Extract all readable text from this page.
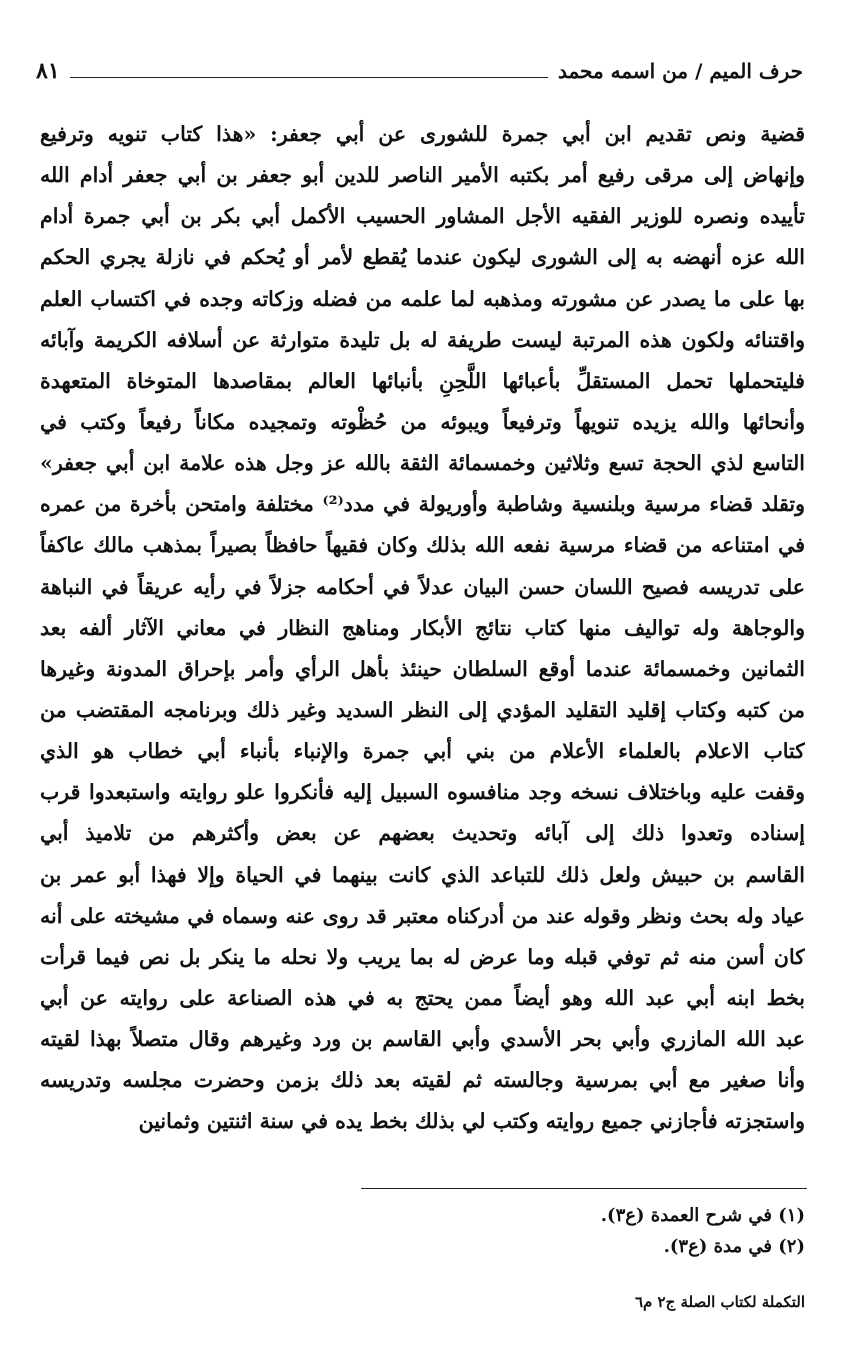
حرف الميم / من اسمه محمد
٨١
قضية ونص تقديم ابن أبي جمرة للشورى عن أبي جعفر: «هذا كتاب تنويه وترفيع
وإنهاض إلى مرقى رفيع أمر بكتبه الأمير الناصر للدين أبو جعفر بن أبي جعفر أدام الله
تأييده ونصره للوزير الفقيه الأجل المشاور الحسيب الأكمل أبي بكر بن أبي جمرة أدام
الله عزه أنهضه به إلى الشورى ليكون عندما يُقطع لأمر أو يُحكم في نازلة يجري الحكم
بها على ما يصدر عن مشورته ومذهبه لما علمه من فضله وزكاته وجده في اكتساب العلم
واقتنائه ولكون هذه المرتبة ليست طريفة له بل تليدة متوارثة عن أسلافه الكريمة وآبائه
فليتحملها تحمل المستقلِّ بأعبائها اللَّحِنِ بأنبائها العالم بمقاصدها المتوخاة المتعهدة
وأنحائها والله يزيده تنويهاً وترفيعاً ويبوئه من حُظْوته وتمجيده مكاناً رفيعاً وكتب في
التاسع لذي الحجة تسع وثلاثين وخمسمائة الثقة بالله عز وجل هذه علامة ابن أبي جعفر»
وتقلد قضاء مرسية وبلنسية وشاطبة وأوريولة في مدد⁽²⁾ مختلفة وامتحن بأخرة من عمره
في امتناعه من قضاء مرسية نفعه الله بذلك وكان فقيهاً حافظاً بصيراً بمذهب مالك عاكفاً
على تدريسه فصيح اللسان حسن البيان عدلاً في أحكامه جزلاً في رأيه عريقاً في النباهة
والوجاهة وله تواليف منها كتاب نتائج الأبكار ومناهج النظار في معاني الآثار ألفه بعد
الثمانين وخمسمائة عندما أوقع السلطان حينئذ بأهل الرأي وأمر بإحراق المدونة وغيرها
من كتبه وكتاب إقليد التقليد المؤدي إلى النظر السديد وغير ذلك وبرنامجه المقتضب من
كتاب الاعلام بالعلماء الأعلام من بني أبي جمرة والإنباء بأنباء أبي خطاب هو الذي
وقفت عليه وباختلاف نسخه وجد منافسوه السبيل إليه فأنكروا علو روايته واستبعدوا قرب
إسناده وتعدوا ذلك إلى آبائه وتحديث بعضهم عن بعض وأكثرهم من تلاميذ أبي
القاسم بن حبيش ولعل ذلك للتباعد الذي كانت بينهما في الحياة وإلا فهذا أبو عمر بن
عياد وله بحث ونظر وقوله عند من أدركناه معتبر قد روى عنه وسماه في مشيخته على أنه
كان أسن منه ثم توفي قبله وما عرض له بما يريب ولا نحله ما ينكر بل نص فيما قرأت
بخط ابنه أبي عبد الله وهو أيضاً ممن يحتج به في هذه الصناعة على روايته عن أبي
عبد الله المازري وأبي بحر الأسدي وأبي القاسم بن ورد وغيرهم وقال متصلاً بهذا لقيته
وأنا صغير مع أبي بمرسية وجالسته ثم لقيته بعد ذلك بزمن وحضرت مجلسه وتدريسه
واستجزته فأجازني جميع روايته وكتب لي بذلك بخط يده في سنة اثنتين وثمانين
(١) في شرح العمدة (ع٣).
(٢) في مدة (ع٣).
التكملة لكتاب الصلة ج٢ م٦
